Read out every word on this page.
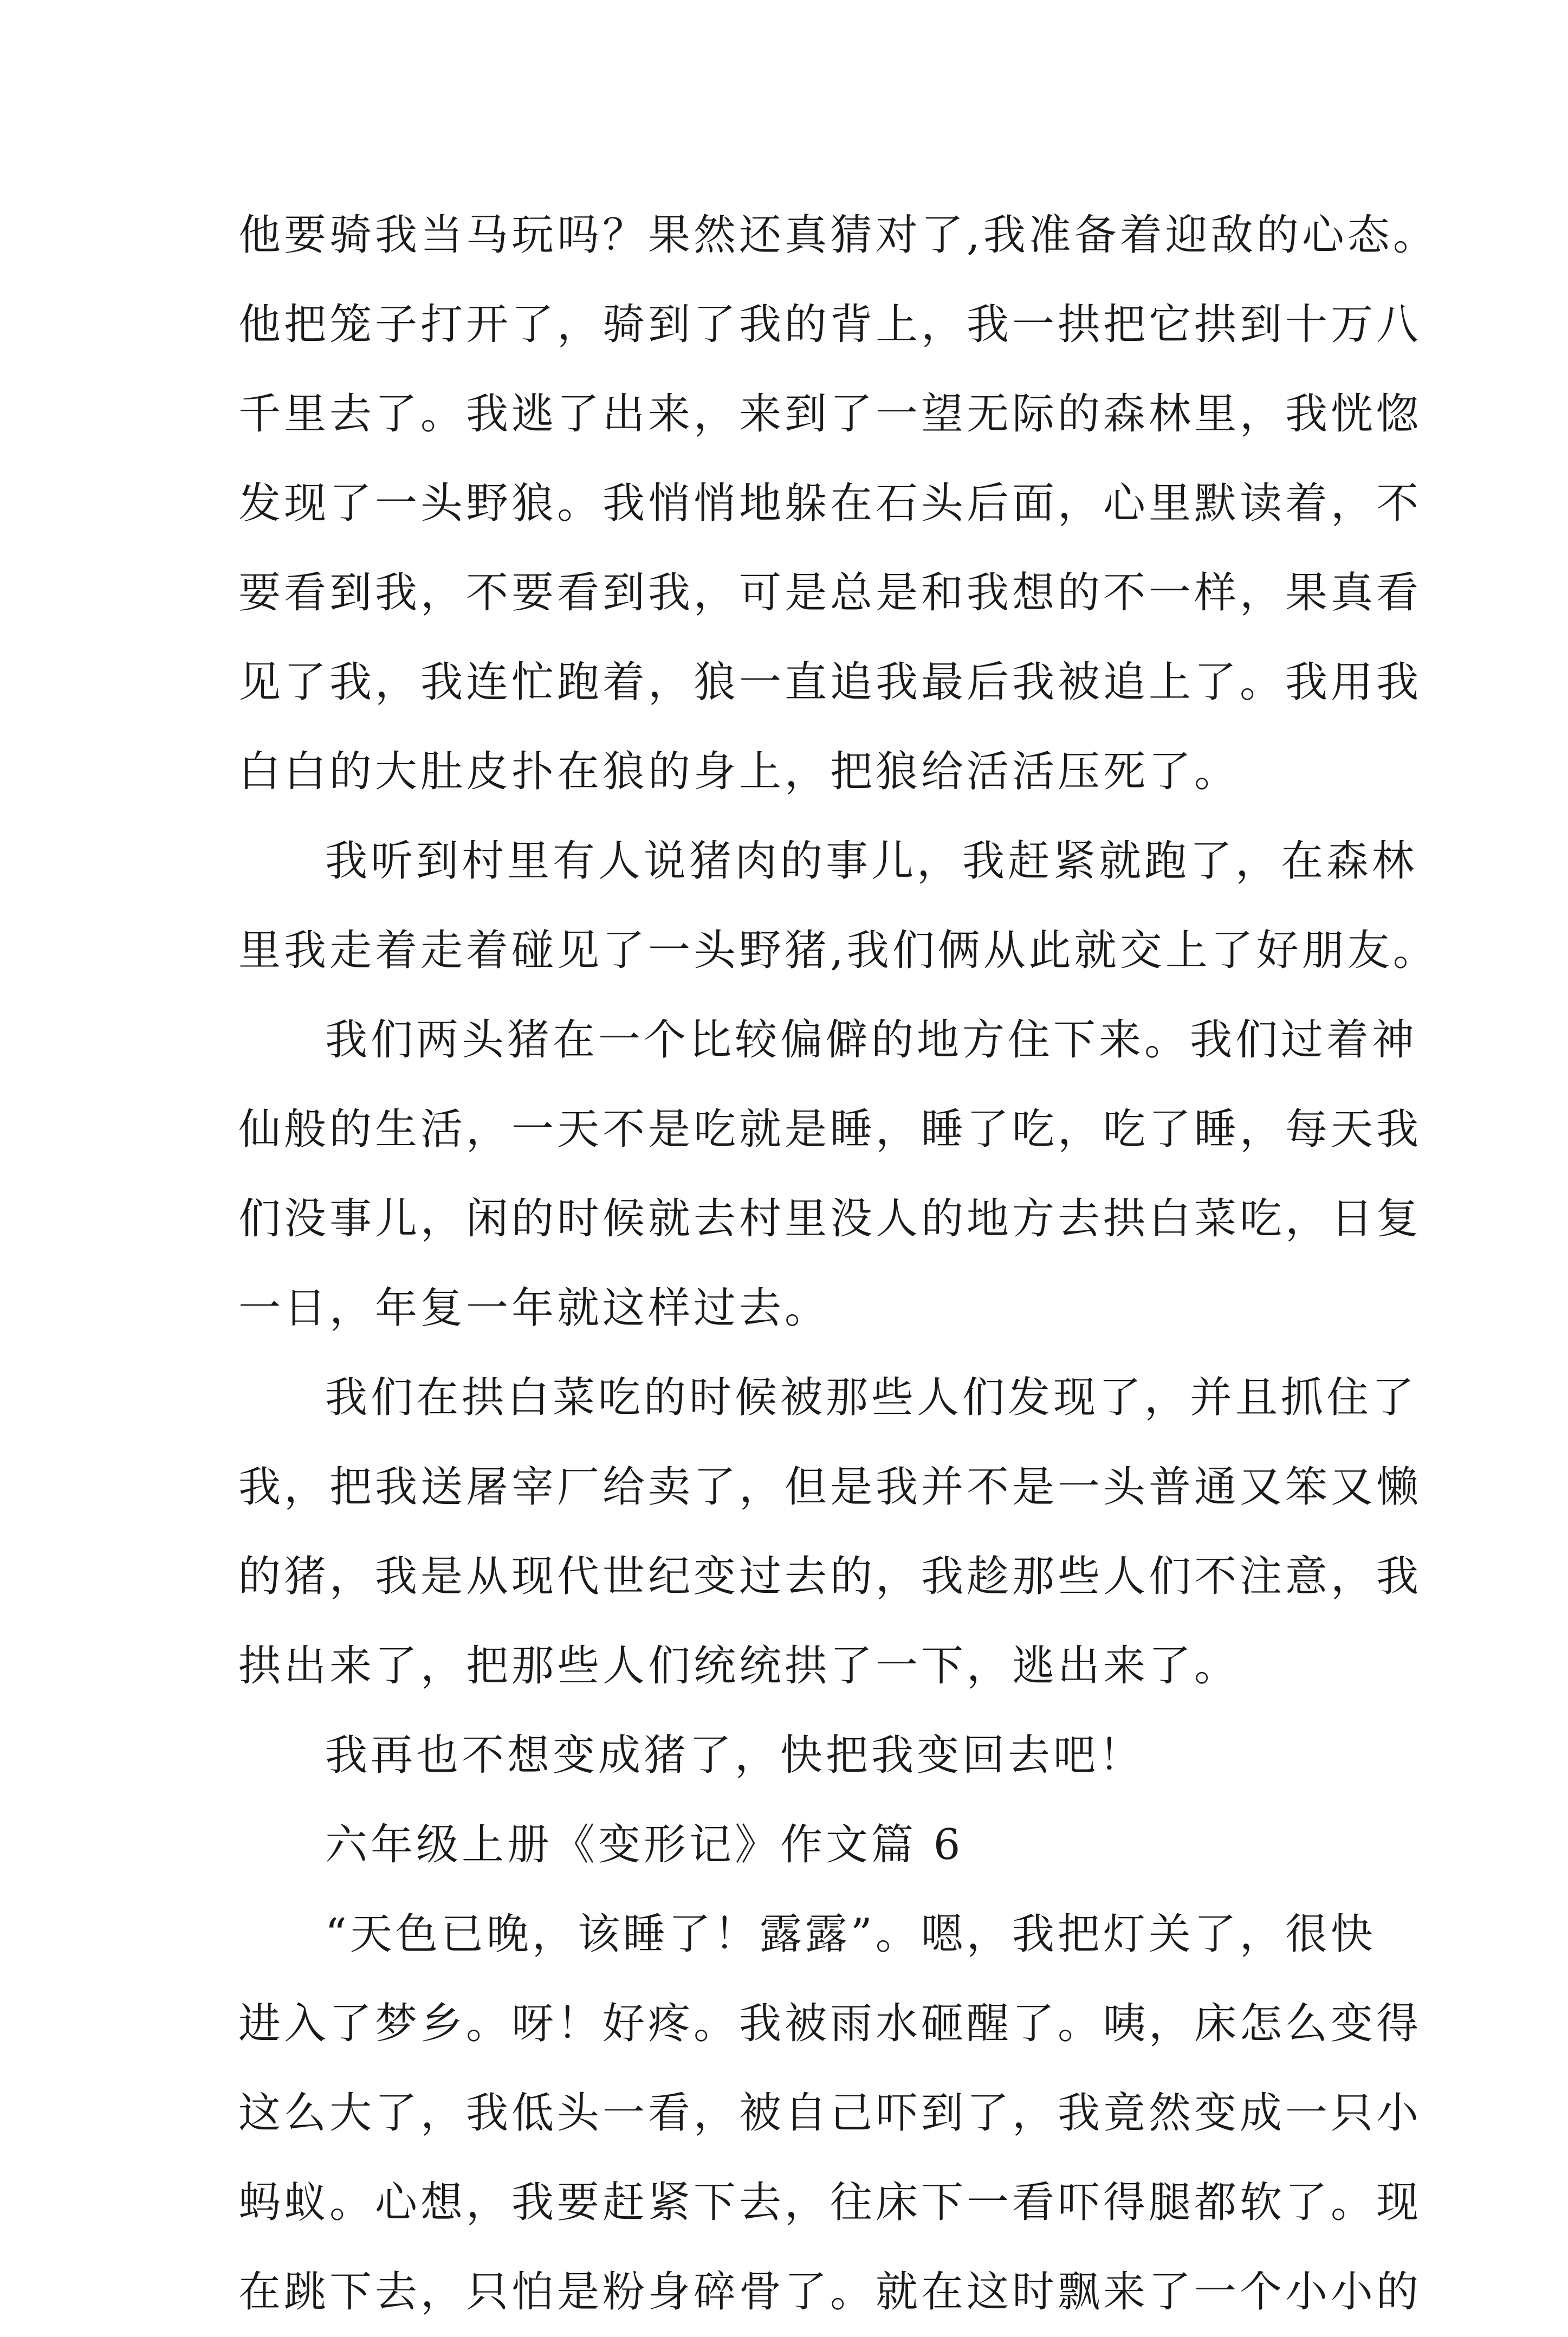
他要骑我当马玩吗？果然还真猜对了,我准备着迎敌的心态。
他把笼子打开了，骑到了我的背上，我一拱把它拱到十万八
千里去了。我逃了出来，来到了一望无际的森林里，我恍惚
发现了一头野狼。我悄悄地躲在石头后面，心里默读着，不
要看到我，不要看到我，可是总是和我想的不一样，果真看
见了我，我连忙跑着，狼一直追我最后我被追上了。我用我
白白的大肚皮扑在狼的身上，把狼给活活压死了。
我听到村里有人说猪肉的事儿，我赶紧就跑了，在森林
里我走着走着碰见了一头野猪,我们俩从此就交上了好朋友。
我们两头猪在一个比较偏僻的地方住下来。我们过着神
仙般的生活，一天不是吃就是睡，睡了吃，吃了睡，每天我
们没事儿，闲的时候就去村里没人的地方去拱白菜吃，日复
一日，年复一年就这样过去。
我们在拱白菜吃的时候被那些人们发现了，并且抓住了
我，把我送屠宰厂给卖了，但是我并不是一头普通又笨又懒
的猪，我是从现代世纪变过去的，我趁那些人们不注意，我
拱出来了，把那些人们统统拱了一下，逃出来了。
我再也不想变成猪了，快把我变回去吧！
六年级上册《变形记》作文篇 6
“天色已晚，该睡了！露露”。嗯，我把灯关了，很快
进入了梦乡。呀！好疼。我被雨水砸醒了。咦，床怎么变得
这么大了，我低头一看，被自己吓到了，我竟然变成一只小
蚂蚁。心想，我要赶紧下去，往床下一看吓得腿都软了。现
在跳下去，只怕是粉身碎骨了。就在这时飘来了一个小小的
